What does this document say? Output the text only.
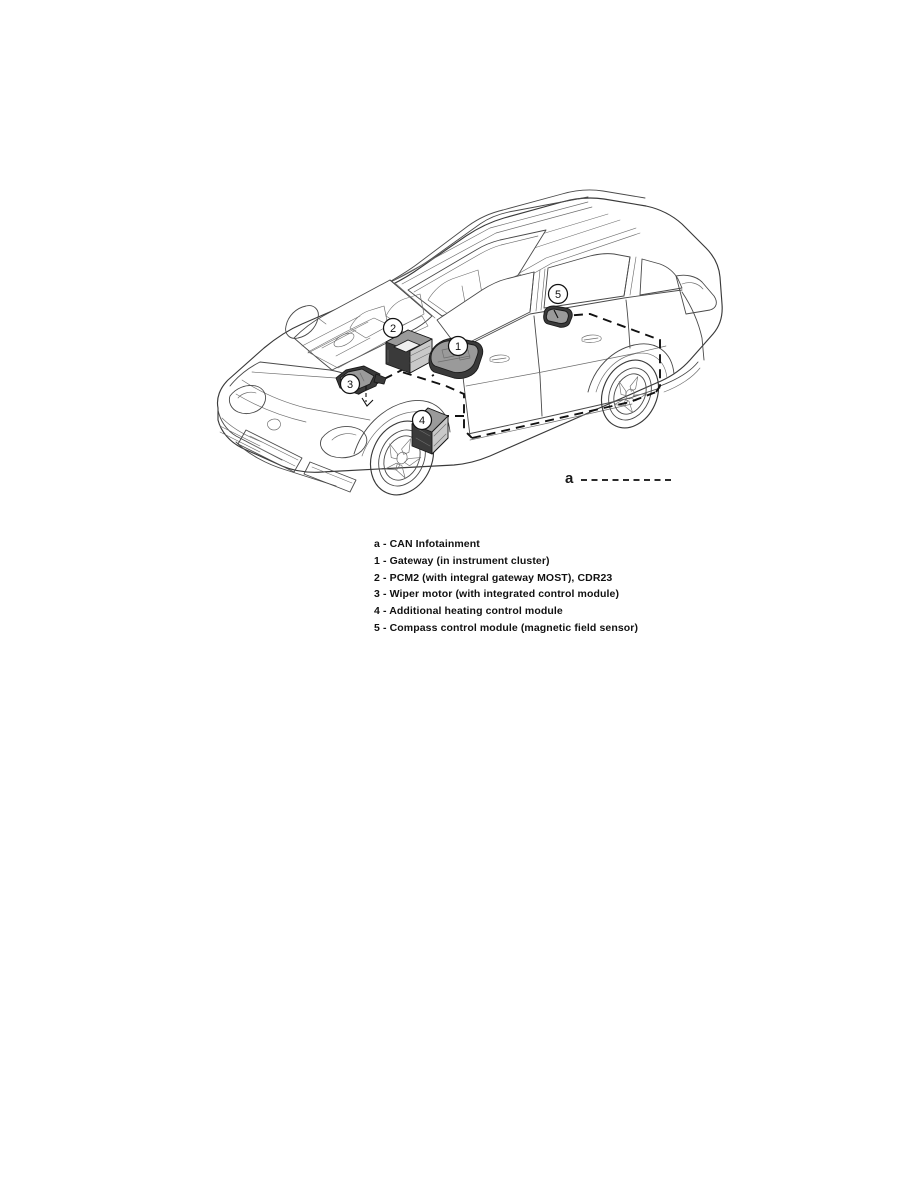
1
2
3
4
5
a
a - CAN Infotainment
1 - Gateway (in instrument cluster)
2 - PCM2 (with integral gateway MOST), CDR23
3 - Wiper motor (with integrated control module)
4 - Additional heating control module
5 - Compass control module (magnetic field sensor)
